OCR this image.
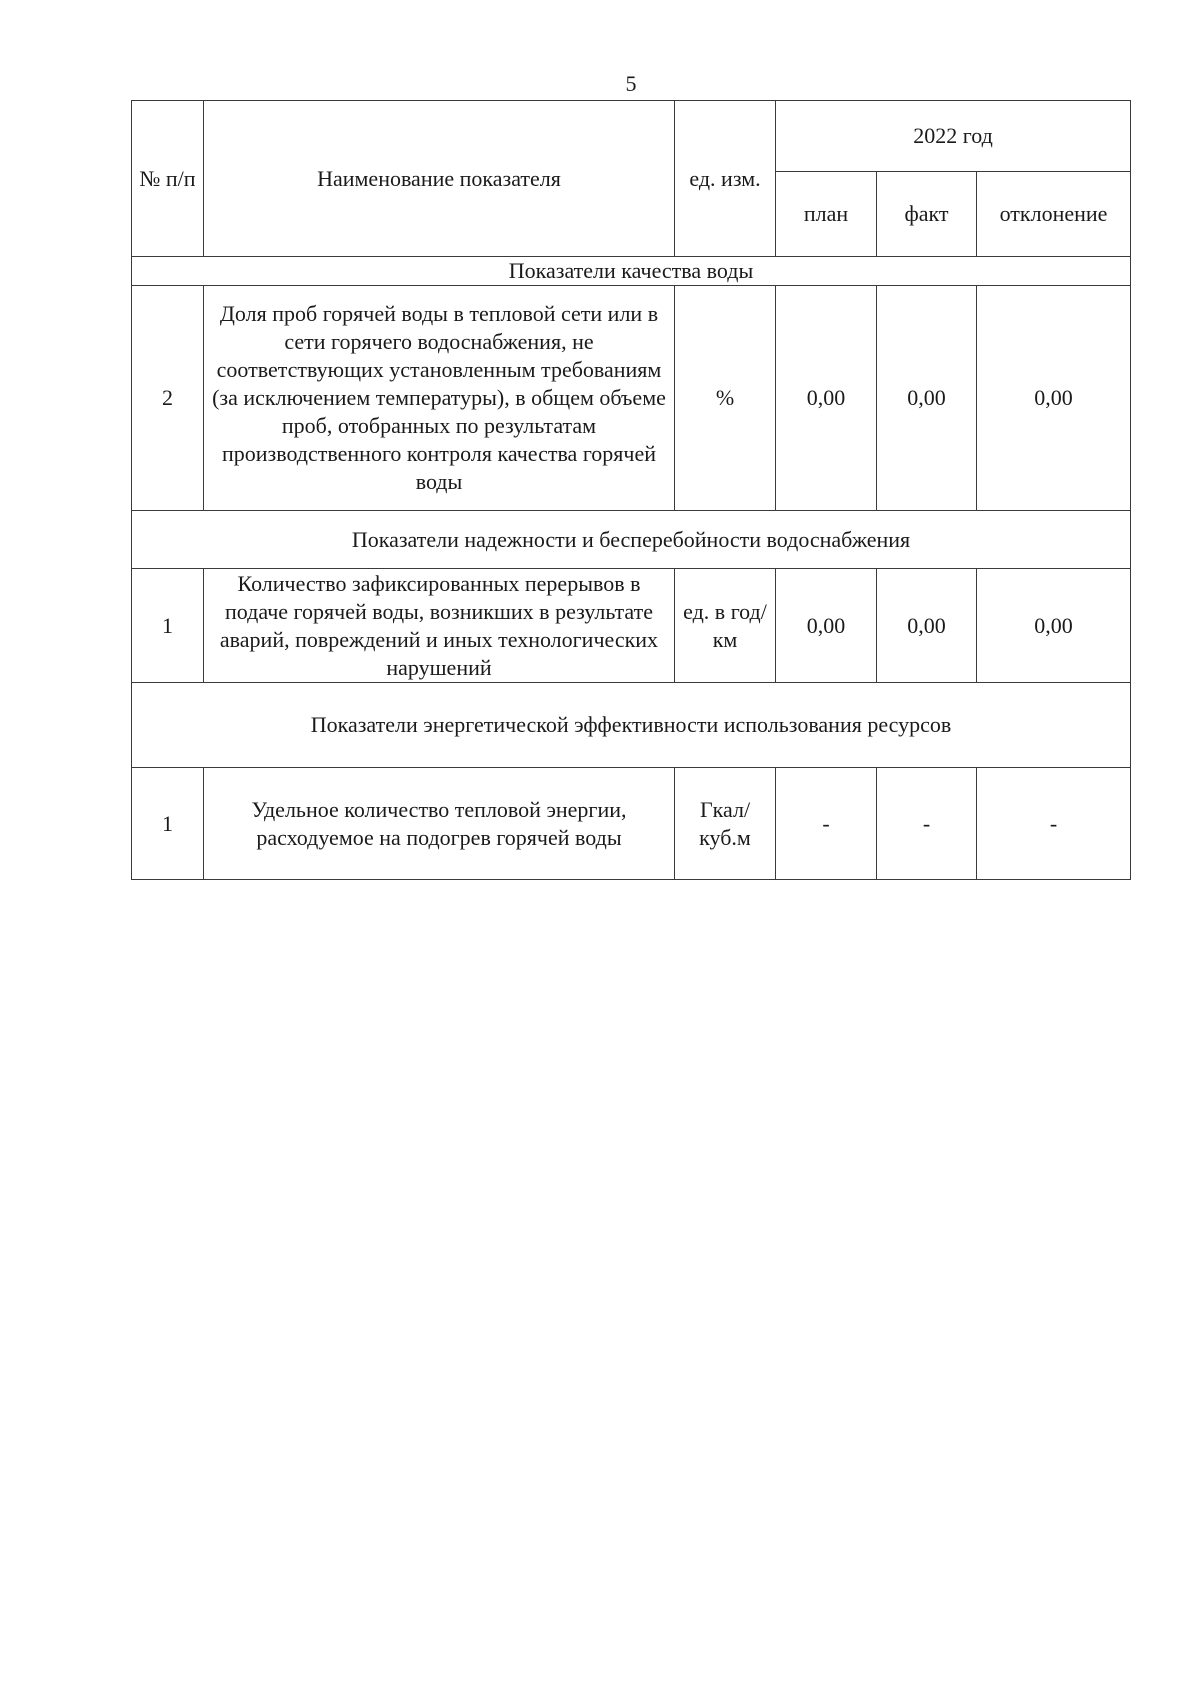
5
№ п/п	Наименование показателя	ед. изм.	2022 год		
			план	факт	отклонение
Показатели качества воды					
2	Доля проб горячей воды в тепловой сети или в сети горячего водоснабжения, не соответствующих установленным требованиям (за исключением температуры), в общем объеме проб, отобранных по результатам производственного контроля качества горячей воды	%	0,00	0,00	0,00
Показатели надежности и бесперебойности водоснабжения					
1	Количество зафиксированных перерывов в подаче горячей воды, возникших в результате аварий, повреждений и иных технологических нарушений	ед. в год/ км	0,00	0,00	0,00
Показатели энергетической эффективности использования ресурсов					
1	Удельное количество тепловой энергии, расходуемое на подогрев горячей воды	Гкал/куб.м	-	-	-
